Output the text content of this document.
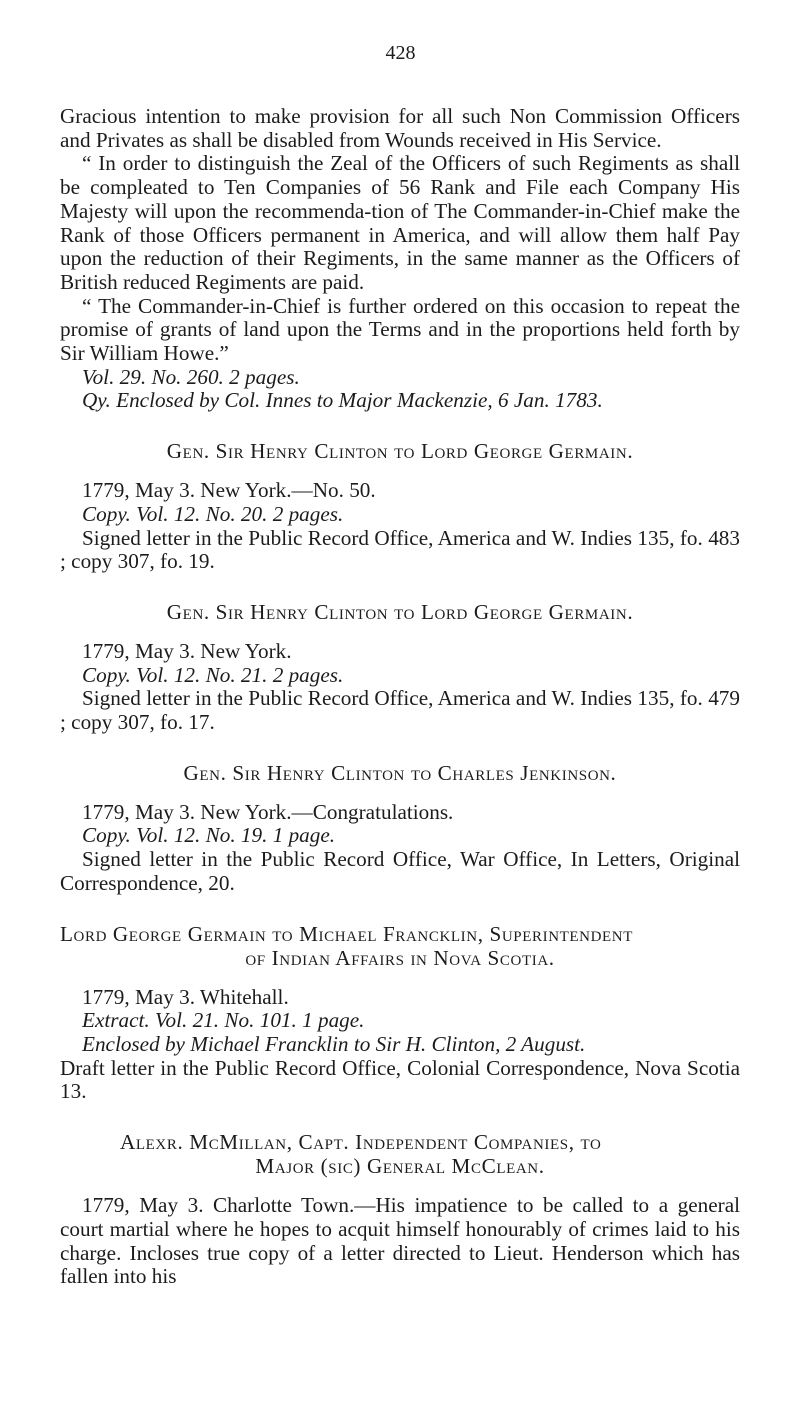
428

Gracious intention to make provision for all such Non Commission Officers and Privates as shall be disabled from Wounds received in His Service.

“ In order to distinguish the Zeal of the Officers of such Regiments as shall be compleated to Ten Companies of 56 Rank and File each Company His Majesty will upon the recommenda-tion of The Commander-in-Chief make the Rank of those Officers permanent in America, and will allow them half Pay upon the reduction of their Regiments, in the same manner as the Officers of British reduced Regiments are paid.

“ The Commander-in-Chief is further ordered on this occasion to repeat the promise of grants of land upon the Terms and in the proportions held forth by Sir William Howe.”

Vol. 29. No. 260. 2 pages.

Qy. Enclosed by Col. Innes to Major Mackenzie, 6 Jan. 1783.

Gen. Sir Henry Clinton to Lord George Germain.

1779, May 3. New York.—No. 50.

Copy. Vol. 12. No. 20. 2 pages.

Signed letter in the Public Record Office, America and W. Indies 135, fo. 483 ; copy 307, fo. 19.

Gen. Sir Henry Clinton to Lord George Germain.

1779, May 3. New York.

Copy. Vol. 12. No. 21. 2 pages.

Signed letter in the Public Record Office, America and W. Indies 135, fo. 479 ; copy 307, fo. 17.

Gen. Sir Henry Clinton to Charles Jenkinson.

1779, May 3. New York.—Congratulations.

Copy. Vol. 12. No. 19. 1 page.

Signed letter in the Public Record Office, War Office, In Letters, Original Correspondence, 20.

Lord George Germain to Michael Francklin, Superintendent
of Indian Affairs in Nova Scotia.

1779, May 3. Whitehall.

Extract. Vol. 21. No. 101. 1 page.

Enclosed by Michael Francklin to Sir H. Clinton, 2 August.

Draft letter in the Public Record Office, Colonial Correspondence, Nova Scotia 13.

Alexr. McMillan, Capt. Independent Companies, to
Major (sic) General McClean.

1779, May 3. Charlotte Town.—His impatience to be called to a general court martial where he hopes to acquit himself honourably of crimes laid to his charge. Incloses true copy of a letter directed to Lieut. Henderson which has fallen into his
